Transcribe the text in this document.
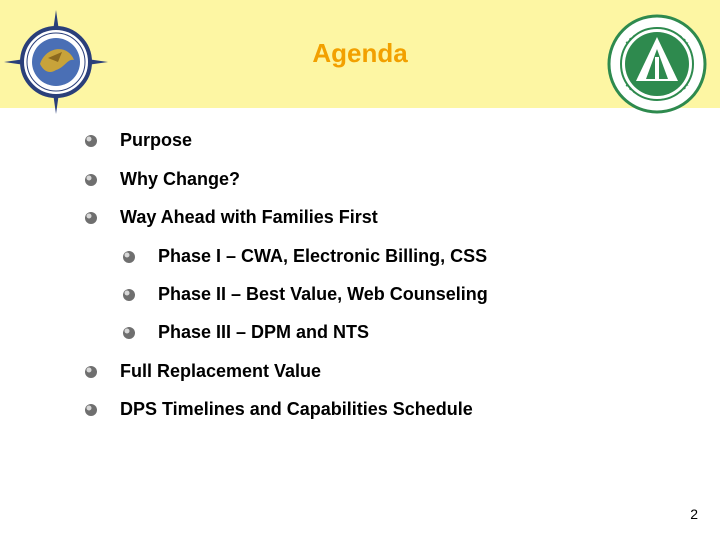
Agenda
Purpose
Why Change?
Way Ahead with Families First
Phase I – CWA, Electronic Billing, CSS
Phase II – Best Value, Web Counseling
Phase III – DPM and NTS
Full Replacement Value
DPS Timelines and Capabilities Schedule
2
